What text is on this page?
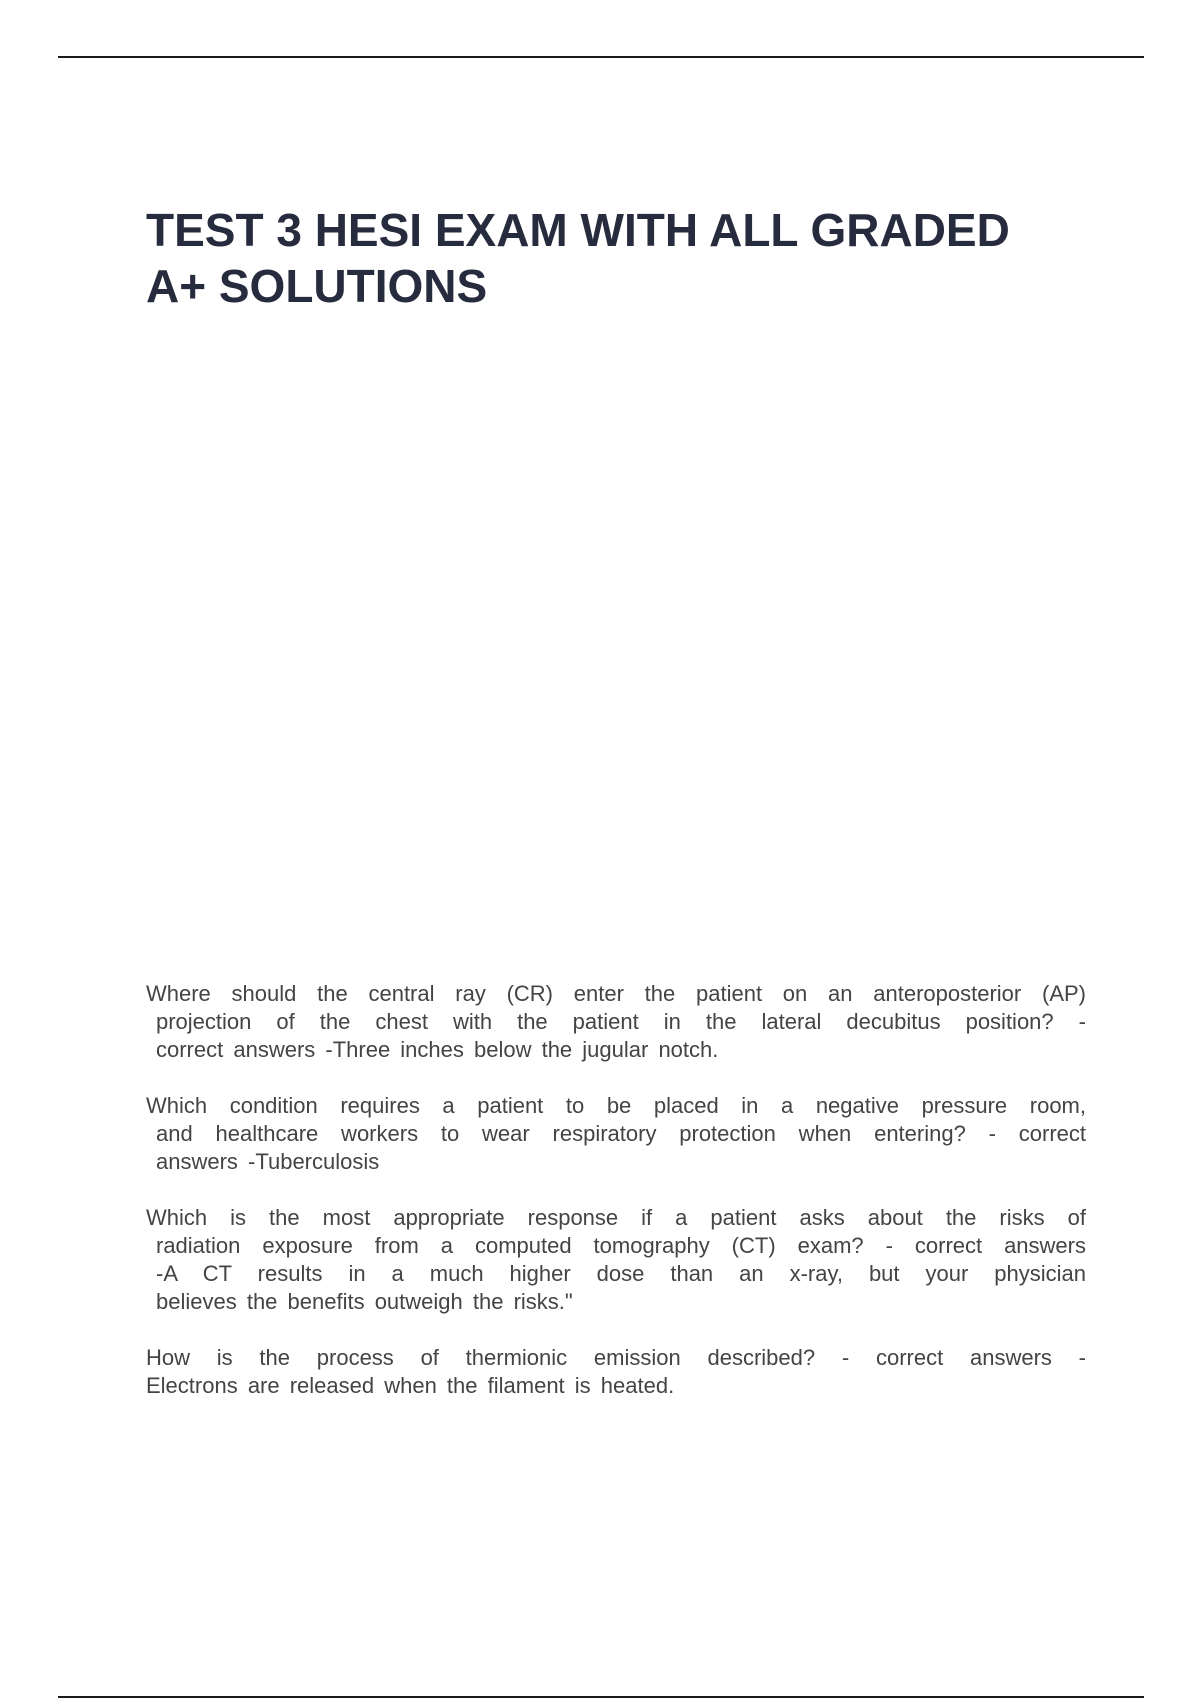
TEST 3 HESI EXAM WITH ALL GRADED
A+ SOLUTIONS
Where should the central ray (CR) enter the patient on an anteroposterior (AP)
projection of the chest with the patient in the lateral decubitus position? -
correct answers -Three inches below the jugular notch.
Which condition requires a patient to be placed in a negative pressure room,
and healthcare workers to wear respiratory protection when entering? - correct
answers -Tuberculosis
Which is the most appropriate response if a patient asks about the risks of
radiation exposure from a computed tomography (CT) exam? - correct answers
-A CT results in a much higher dose than an x-ray, but your physician
believes the benefits outweigh the risks."
How is the process of thermionic emission described? - correct answers -
Electrons are released when the filament is heated.
